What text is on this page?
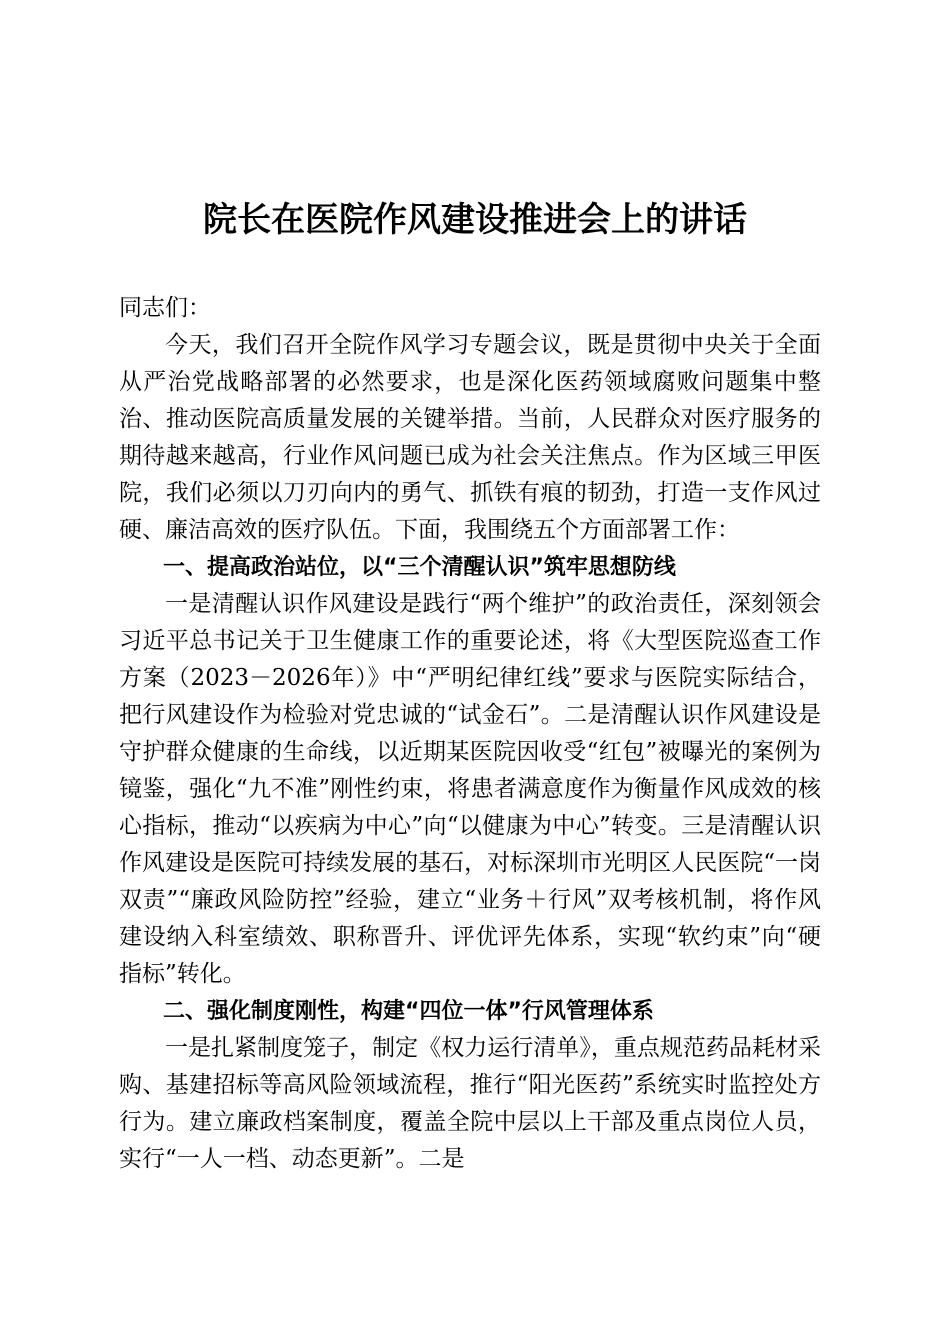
院长在医院作风建设推进会上的讲话

同志们：

今天，我们召开全院作风学习专题会议，既是贯彻中央关于全面从严治党战略部署的必然要求，也是深化医药领域腐败问题集中整治、推动医院高质量发展的关键举措。当前，人民群众对医疗服务的期待越来越高，行业作风问题已成为社会关注焦点。作为区域三甲医院，我们必须以刀刃向内的勇气、抓铁有痕的韧劲，打造一支作风过硬、廉洁高效的医疗队伍。下面，我围绕五个方面部署工作：

一、提高政治站位，以“三个清醒认识”筑牢思想防线

一是清醒认识作风建设是践行“两个维护”的政治责任，深刻领会习近平总书记关于卫生健康工作的重要论述，将《大型医院巡查工作方案（2023－2026年）》中“严明纪律红线”要求与医院实际结合，把行风建设作为检验对党忠诚的“试金石”。二是清醒认识作风建设是守护群众健康的生命线，以近期某医院因收受“红包”被曝光的案例为镜鉴，强化“九不准”刚性约束，将患者满意度作为衡量作风成效的核心指标，推动“以疾病为中心”向“以健康为中心”转变。三是清醒认识作风建设是医院可持续发展的基石，对标深圳市光明区人民医院“一岗双责”“廉政风险防控”经验，建立“业务＋行风”双考核机制，将作风建设纳入科室绩效、职称晋升、评优评先体系，实现“软约束”向“硬指标”转化。

二、强化制度刚性，构建“四位一体”行风管理体系

一是扎紧制度笼子，制定《权力运行清单》，重点规范药品耗材采购、基建招标等高风险领域流程，推行“阳光医药”系统实时监控处方行为。建立廉政档案制度，覆盖全院中层以上干部及重点岗位人员，实行“一人一档、动态更新”。二是
